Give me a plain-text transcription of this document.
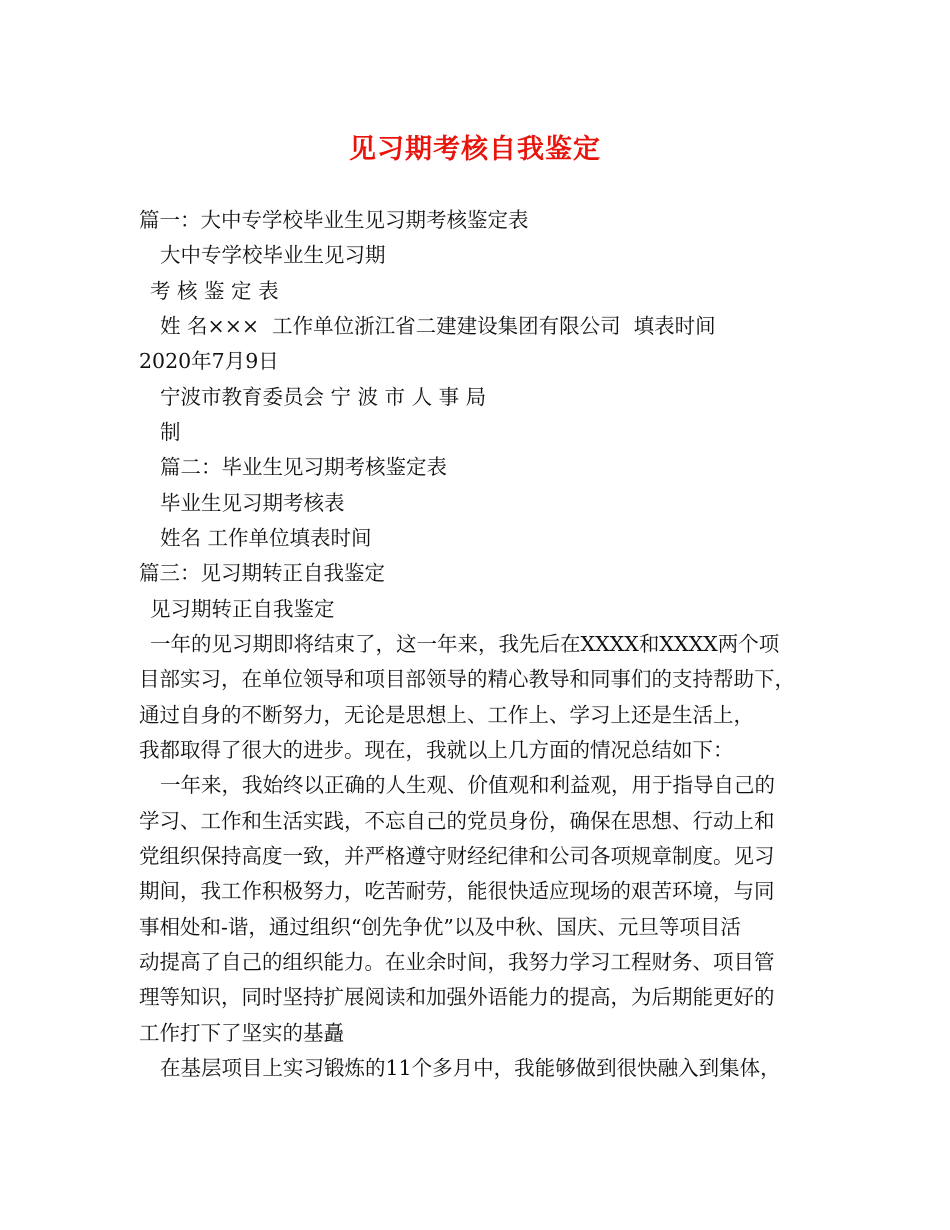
见习期考核自我鉴定
篇一：大中专学校毕业生见习期考核鉴定表
大中专学校毕业生见习期
考 核 鉴 定 表
姓 名×××  工作单位浙江省二建建设集团有限公司  填表时间
2020年7月9日
宁波市教育委员会 宁 波 市 人 事 局
制
篇二：毕业生见习期考核鉴定表
毕业生见习期考核表
姓名 工作单位填表时间
篇三：见习期转正自我鉴定
见习期转正自我鉴定
一年的见习期即将结束了，这一年来，我先后在XXXX和XXXX两个项
目部实习，在单位领导和项目部领导的精心教导和同事们的支持帮助下，
通过自身的不断努力，无论是思想上、工作上、学习上还是生活上，
我都取得了很大的进步。现在，我就以上几方面的情况总结如下：
一年来，我始终以正确的人生观、价值观和利益观，用于指导自己的
学习、工作和生活实践，不忘自己的党员身份，确保在思想、行动上和
党组织保持高度一致，并严格遵守财经纪律和公司各项规章制度。见习
期间，我工作积极努力，吃苦耐劳，能很快适应现场的艰苦环境，与同
事相处和-谐，通过组织“创先争优”以及中秋、国庆、元旦等项目活
动提高了自己的组织能力。在业余时间，我努力学习工程财务、项目管
理等知识，同时坚持扩展阅读和加强外语能力的提高，为后期能更好的
工作打下了坚实的基矗
在基层项目上实习锻炼的11个多月中，我能够做到很快融入到集体，
